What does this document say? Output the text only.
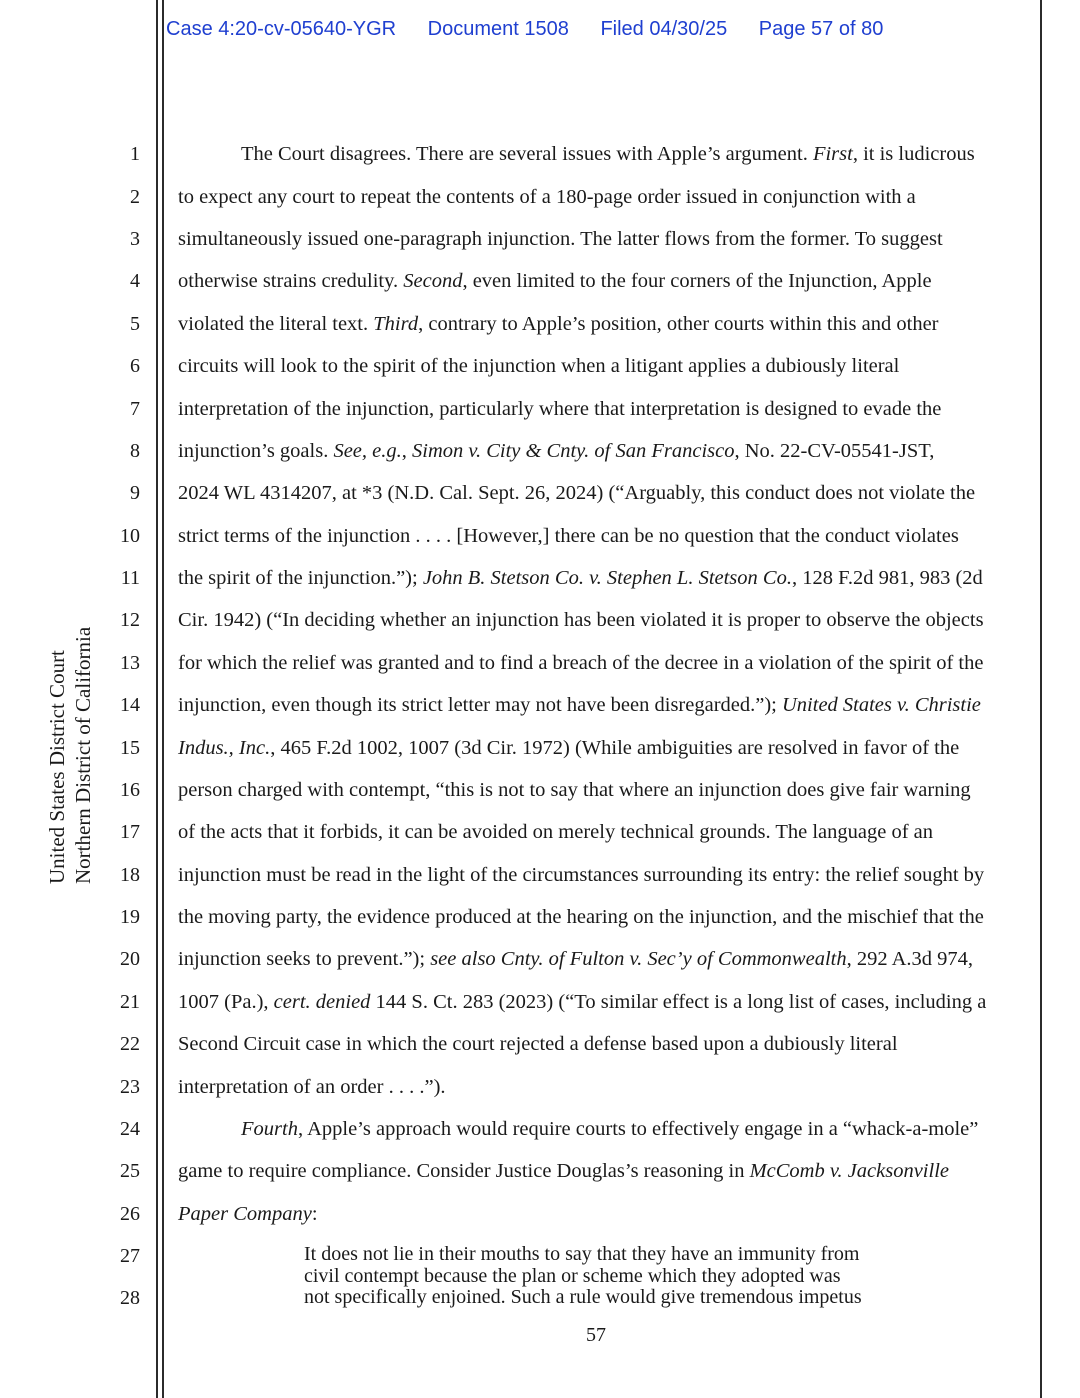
Case 4:20-cv-05640-YGR Document 1508 Filed 04/30/25 Page 57 of 80
United States District Court Northern District of California
1
2
3
4
5
6
7
8
9
10
11
12
13
14
15
16
17
18
19
20
21
22
23
24
25
26
27
28
The Court disagrees. There are several issues with Apple’s argument. First, it is ludicrous
to expect any court to repeat the contents of a 180-page order issued in conjunction with a
simultaneously issued one-paragraph injunction. The latter flows from the former. To suggest
otherwise strains credulity. Second, even limited to the four corners of the Injunction, Apple
violated the literal text. Third, contrary to Apple’s position, other courts within this and other
circuits will look to the spirit of the injunction when a litigant applies a dubiously literal
interpretation of the injunction, particularly where that interpretation is designed to evade the
injunction’s goals. See, e.g., Simon v. City & Cnty. of San Francisco, No. 22-CV-05541-JST,
2024 WL 4314207, at *3 (N.D. Cal. Sept. 26, 2024) (“Arguably, this conduct does not violate the
strict terms of the injunction . . . . [However,] there can be no question that the conduct violates
the spirit of the injunction.”); John B. Stetson Co. v. Stephen L. Stetson Co., 128 F.2d 981, 983 (2d
Cir. 1942) (“In deciding whether an injunction has been violated it is proper to observe the objects
for which the relief was granted and to find a breach of the decree in a violation of the spirit of the
injunction, even though its strict letter may not have been disregarded.”); United States v. Christie
Indus., Inc., 465 F.2d 1002, 1007 (3d Cir. 1972) (While ambiguities are resolved in favor of the
person charged with contempt, “this is not to say that where an injunction does give fair warning
of the acts that it forbids, it can be avoided on merely technical grounds. The language of an
injunction must be read in the light of the circumstances surrounding its entry: the relief sought by
the moving party, the evidence produced at the hearing on the injunction, and the mischief that the
injunction seeks to prevent.”); see also Cnty. of Fulton v. Sec’y of Commonwealth, 292 A.3d 974,
1007 (Pa.), cert. denied 144 S. Ct. 283 (2023) (“To similar effect is a long list of cases, including a
Second Circuit case in which the court rejected a defense based upon a dubiously literal
interpretation of an order . . . .”).
Fourth, Apple’s approach would require courts to effectively engage in a “whack-a-mole”
game to require compliance. Consider Justice Douglas’s reasoning in McComb v. Jacksonville
Paper Company:
It does not lie in their mouths to say that they have an immunity from
civil contempt because the plan or scheme which they adopted was
not specifically enjoined. Such a rule would give tremendous impetus
57
